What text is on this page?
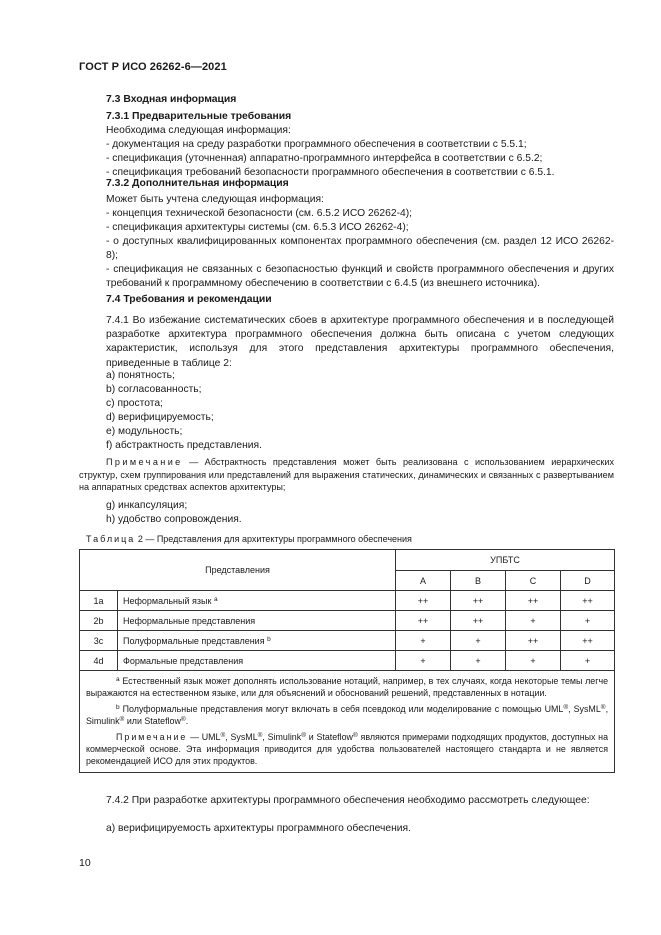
ГОСТ Р ИСО 26262-6—2021
7.3 Входная информация
7.3.1 Предварительные требования
Необходима следующая информация:
- документация на среду разработки программного обеспечения в соответствии с 5.5.1;
- спецификация (уточненная) аппаратно-программного интерфейса в соответствии с 6.5.2;
- спецификация требований безопасности программного обеспечения в соответствии с 6.5.1.
7.3.2 Дополнительная информация
Может быть учтена следующая информация:
- концепция технической безопасности (см. 6.5.2 ИСО 26262-4);
- спецификация архитектуры системы (см. 6.5.3 ИСО 26262-4);
- о доступных квалифицированных компонентах программного обеспечения (см. раздел 12 ИСО 26262-8);
- спецификация не связанных с безопасностью функций и свойств программного обеспечения и других требований к программному обеспечению в соответствии с 6.4.5 (из внешнего источника).
7.4 Требования и рекомендации
7.4.1 Во избежание систематических сбоев в архитектуре программного обеспечения и в последующей разработке архитектура программного обеспечения должна быть описана с учетом следующих характеристик, используя для этого представления архитектуры программного обеспечения, приведенные в таблице 2:
а) понятность;
b) согласованность;
с) простота;
d) верифицируемость;
е) модульность;
f) абстрактность представления.
Примечание — Абстрактность представления может быть реализована с использованием иерархических структур, схем группирования или представлений для выражения статических, динамических и связанных с развертыванием на аппаратных средствах аспектов архитектуры;
g) инкапсуляция;
h) удобство сопровождения.
Таблица 2 — Представления для архитектуры программного обеспечения
Представления		УПБТС			
		A	B	C	D
1a	Неформальный язык $^a$	++	++	++	++
2b	Неформальные представления	++	++	+	+
3c	Полуформальные представления $^b$	+	+	++	++
4d	Формальные представления	+	+	+	+

$^a$ Естественный язык может дополнять использование нотаций, например, в тех случаях, когда некоторые темы легче выражаются на естественном языке, или для объяснений и обоснований решений, представленных в нотации.
$^b$ Полуформальные представления могут включать в себя псевдокод или моделирование с помощью UML®, SysML®, Simulink® или Stateflow®.
Примечание — UML®, SysML®, Simulink® и Stateflow® являются примерами подходящих продуктов, доступных на коммерческой основе. Эта информация приводится для удобства пользователей настоящего стандарта и не является рекомендацией ИСО для этих продуктов.					
7.4.2 При разработке архитектуры программного обеспечения необходимо рассмотреть следующее:
а) верифицируемость архитектуры программного обеспечения.
10
